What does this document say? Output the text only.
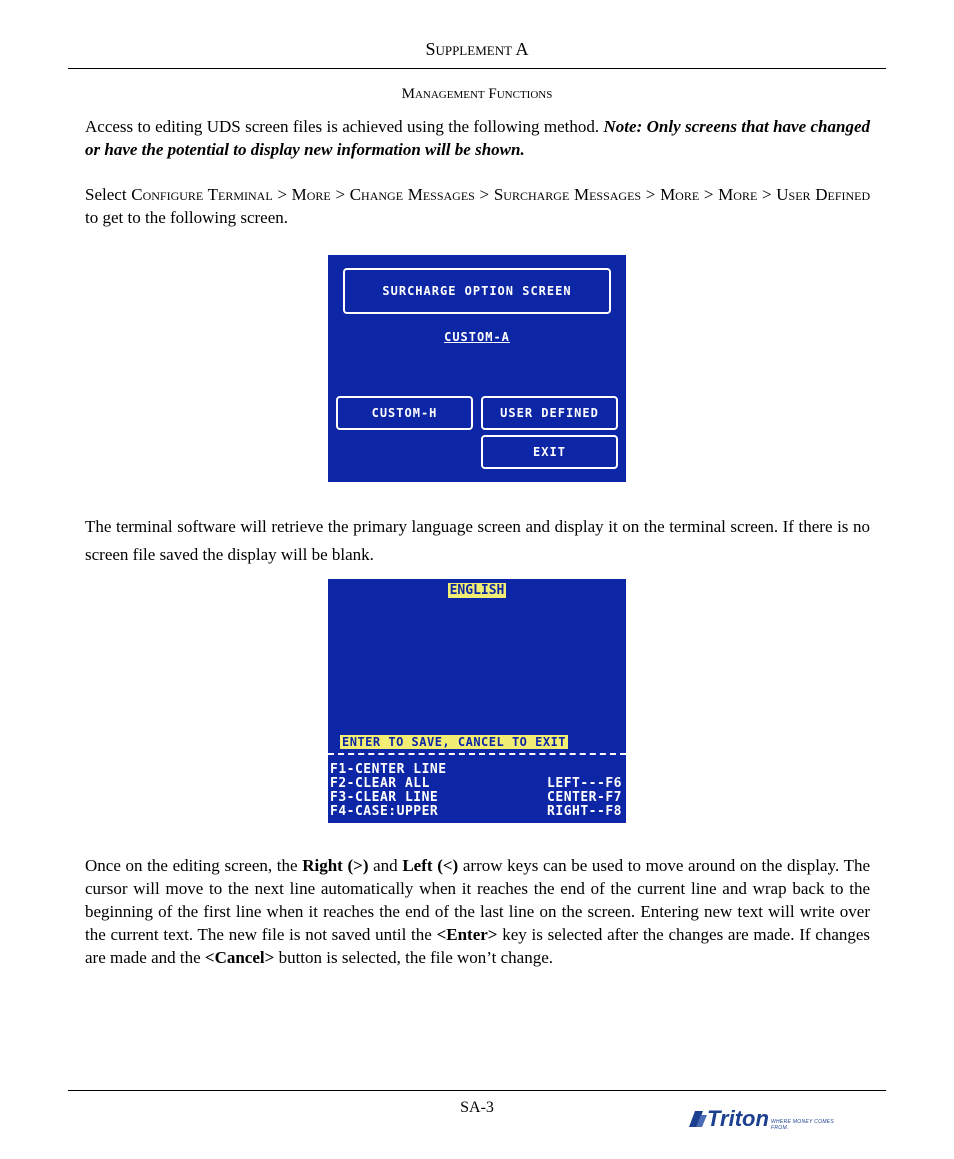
Supplement A
Management Functions
Access to editing UDS screen files is achieved using the following method. Note: Only screens that have changed or have the potential to display new information will be shown.
Select Configure Terminal > More > Change Messages > Surcharge Messages > More > More > User Defined to get to the following screen.
SURCHARGE OPTION SCREEN
CUSTOM-A
CUSTOM-H	USER DEFINED
EXIT
The terminal software will retrieve the primary language screen and display it on the terminal screen. If there is no screen file saved the display will be blank.
ENGLISH
ENTER TO SAVE, CANCEL TO EXIT
F1-CENTER LINE
F2-CLEAR ALL
F3-CLEAR LINE
F4-CASE:UPPER
LEFT---F6
CENTER-F7
RIGHT--F8
Once on the editing screen, the Right (>) and Left (<) arrow keys can be used to move around on the display. The cursor will move to the next line automatically when it reaches the end of the current line and wrap back to the beginning of the first line when it reaches the end of the last line on the screen. Entering new text will write over the current text. The new file is not saved until the <Enter> key is selected after the changes are made. If changes are made and the <Cancel> button is selected, the file won’t change.
SA-3	Triton WHERE MONEY COMES FROM.
